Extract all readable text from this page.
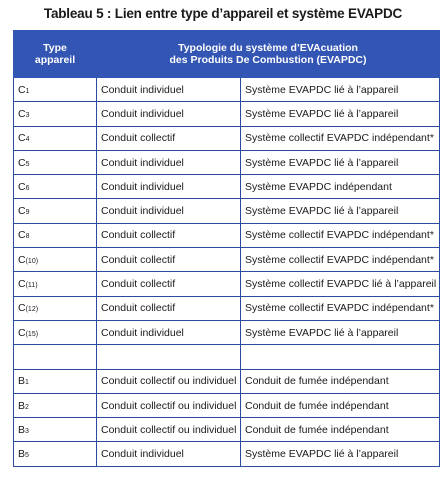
Tableau 5 : Lien entre type d’appareil et système EVAPDC
Type
appareil	Typologie du système d’EVAcuation
des Produits De Combustion (EVAPDC)	
C1	Conduit individuel	Système EVAPDC lié à l’appareil
C3	Conduit individuel	Système EVAPDC lié à l’appareil
C4	Conduit collectif	Système collectif EVAPDC indépendant*
C5	Conduit individuel	Système EVAPDC lié à l’appareil
C6	Conduit individuel	Système EVAPDC indépendant
C9	Conduit individuel	Système EVAPDC lié à l’appareil
C8	Conduit collectif	Système collectif EVAPDC indépendant*
C(10)	Conduit collectif	Système collectif EVAPDC indépendant*
C(11)	Conduit collectif	Système collectif EVAPDC lié à l’appareil
C(12)	Conduit collectif	Système collectif EVAPDC indépendant*
C(15)	Conduit individuel	Système EVAPDC lié à l’appareil

B1	Conduit collectif ou individuel	Conduit de fumée indépendant
B2	Conduit collectif ou individuel	Conduit de fumée indépendant
B3	Conduit collectif ou individuel	Conduit de fumée indépendant
B5	Conduit individuel	Système EVAPDC lié à l’appareil
